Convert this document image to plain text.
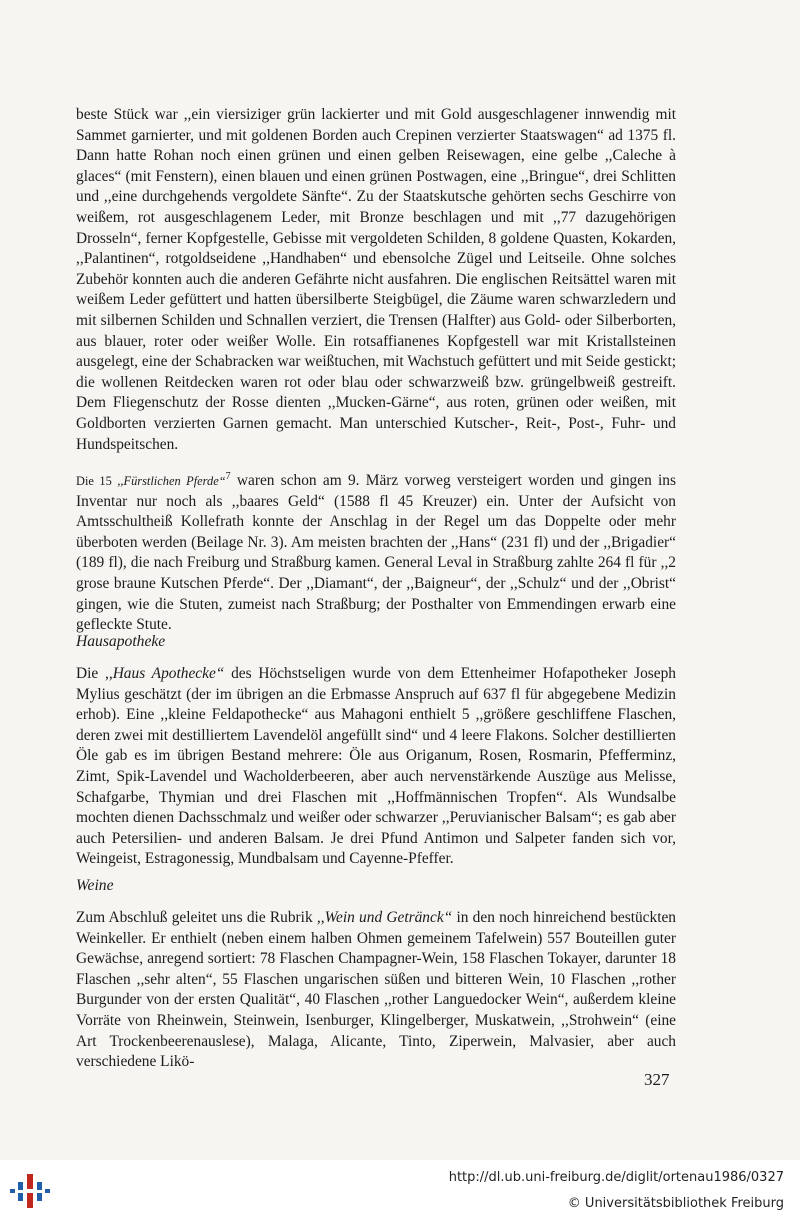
beste Stück war ,,ein viersiziger grün lackierter und mit Gold ausgeschlagener innwendig mit Sammet garnierter, und mit goldenen Borden auch Crepinen verzierter Staatswagen“ ad 1375 fl. Dann hatte Rohan noch einen grünen und einen gelben Reisewagen, eine gelbe ,,Caleche à glaces“ (mit Fenstern), einen blauen und einen grünen Postwagen, eine ,,Bringue“, drei Schlitten und ,,eine durchgehends vergoldete Sänfte“. Zu der Staatskutsche gehörten sechs Geschirre von weißem, rot ausgeschlagenem Leder, mit Bronze beschlagen und mit ,,77 dazugehörigen Drosseln“, ferner Kopfgestelle, Gebisse mit vergoldeten Schilden, 8 goldene Quasten, Kokarden, ,,Palantinen“, rotgoldseidene ,,Handhaben“ und ebensolche Zügel und Leitseile. Ohne solches Zubehör konnten auch die anderen Gefährte nicht ausfahren. Die englischen Reitsättel waren mit weißem Leder gefüttert und hatten übersilberte Steigbügel, die Zäume waren schwarzledern und mit silbernen Schilden und Schnallen verziert, die Trensen (Halfter) aus Gold- oder Silberborten, aus blauer, roter oder weißer Wolle. Ein rotsaffianenes Kopfgestell war mit Kristallsteinen ausgelegt, eine der Schabracken war weißtuchen, mit Wachstuch gefüttert und mit Seide gestickt; die wollenen Reitdecken waren rot oder blau oder schwarzweiß bzw. grüngelbweiß gestreift. Dem Fliegenschutz der Rosse dienten ,,Mucken-Gärne“, aus roten, grünen oder weißen, mit Goldborten verzierten Garnen gemacht. Man unterschied Kutscher-, Reit-, Post-, Fuhr- und Hundspeitschen.
Die 15 ,,Fürstlichen Pferde“$^7$ waren schon am 9. März vorweg versteigert worden und gingen ins Inventar nur noch als ,,baares Geld“ (1588 fl 45 Kreuzer) ein. Unter der Aufsicht von Amtsschultheiß Kollefrath konnte der Anschlag in der Regel um das Doppelte oder mehr überboten werden (Beilage Nr. 3). Am meisten brachten der ,,Hans“ (231 fl) und der ,,Brigadier“ (189 fl), die nach Freiburg und Straßburg kamen. General Leval in Straßburg zahlte 264 fl für ,,2 grose braune Kutschen Pferde“. Der ,,Diamant“, der ,,Baigneur“, der ,,Schulz“ und der ,,Obrist“ gingen, wie die Stuten, zumeist nach Straßburg; der Posthalter von Emmendingen erwarb eine gefleckte Stute.
Hausapotheke
Die ,,Haus Apothecke“ des Höchstseligen wurde von dem Ettenheimer Hofapotheker Joseph Mylius geschätzt (der im übrigen an die Erbmasse Anspruch auf 637 fl für abgegebene Medizin erhob). Eine ,,kleine Feldapothecke“ aus Mahagoni enthielt 5 ,,größere geschliffene Flaschen, deren zwei mit destilliertem Lavendelöl angefüllt sind“ und 4 leere Flakons. Solcher destillierten Öle gab es im übrigen Bestand mehrere: Öle aus Origanum, Rosen, Rosmarin, Pfefferminz, Zimt, Spik-Lavendel und Wacholderbeeren, aber auch nervenstärkende Auszüge aus Melisse, Schafgarbe, Thymian und drei Flaschen mit ,,Hoffmännischen Tropfen“. Als Wundsalbe mochten dienen Dachsschmalz und weißer oder schwarzer ,,Peruvianischer Balsam“; es gab aber auch Petersilien- und anderen Balsam. Je drei Pfund Antimon und Salpeter fanden sich vor, Weingeist, Estragonessig, Mundbalsam und Cayenne-Pfeffer.
Weine
Zum Abschluß geleitet uns die Rubrik ,,Wein und Getränck“ in den noch hinreichend bestückten Weinkeller. Er enthielt (neben einem halben Ohmen gemeinem Tafelwein) 557 Bouteillen guter Gewächse, anregend sortiert: 78 Flaschen Champagner-Wein, 158 Flaschen Tokayer, darunter 18 Flaschen ,,sehr alten“, 55 Flaschen ungarischen süßen und bitteren Wein, 10 Flaschen ,,rother Burgunder von der ersten Qualität“, 40 Flaschen ,,rother Languedocker Wein“, außerdem kleine Vorräte von Rheinwein, Steinwein, Isenburger, Klingelberger, Muskatwein, ,,Strohwein“ (eine Art Trockenbeerenauslese), Malaga, Alicante, Tinto, Ziperwein, Malvasier, aber auch verschiedene Likö-
327
http://dl.ub.uni-freiburg.de/diglit/ortenau1986/0327
© Universitätsbibliothek Freiburg
